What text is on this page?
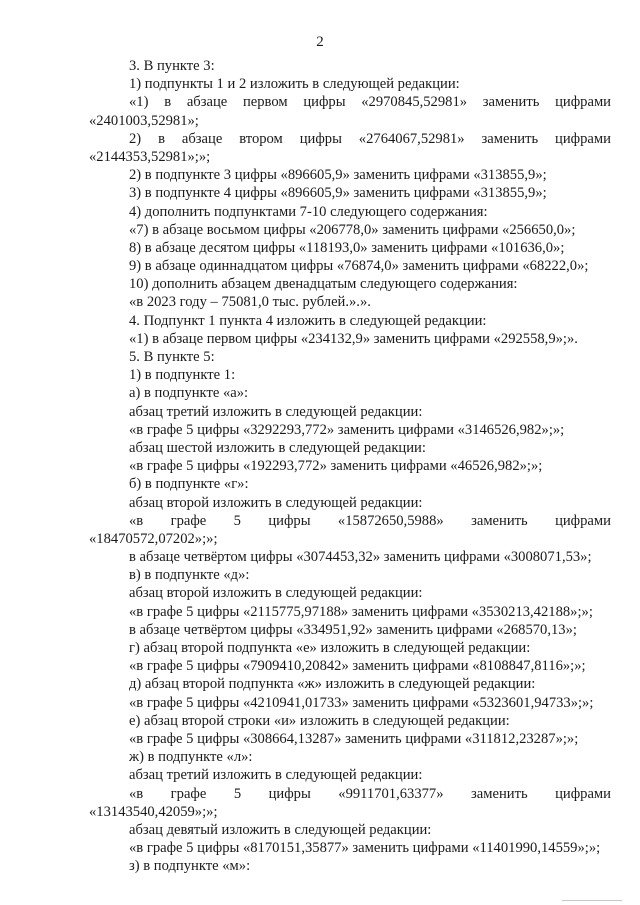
2
3. В пункте 3:
1) подпункты 1 и 2 изложить в следующей редакции:
«1) в абзаце первом цифры «2970845,52981» заменить цифрами
«2401003,52981»;
2) в абзаце втором цифры «2764067,52981» заменить цифрами
«2144353,52981»;»;
2) в подпункте 3 цифры «896605,9» заменить цифрами «313855,9»;
3) в подпункте 4 цифры «896605,9» заменить цифрами «313855,9»;
4) дополнить подпунктами 7-10 следующего содержания:
«7) в абзаце восьмом цифры «206778,0» заменить цифрами «256650,0»;
8) в абзаце десятом цифры «118193,0» заменить цифрами «101636,0»;
9) в абзаце одиннадцатом цифры «76874,0» заменить цифрами «68222,0»;
10) дополнить абзацем двенадцатым следующего содержания:
«в 2023 году – 75081,0 тыс. рублей.».».
4. Подпункт 1 пункта 4 изложить в следующей редакции:
«1) в абзаце первом цифры «234132,9» заменить цифрами «292558,9»;».
5. В пункте 5:
1) в подпункте 1:
а) в подпункте «а»:
абзац третий изложить в следующей редакции:
«в графе 5 цифры «3292293,772» заменить цифрами «3146526,982»;»;
абзац шестой изложить в следующей редакции:
«в графе 5 цифры «192293,772» заменить цифрами «46526,982»;»;
б) в подпункте «г»:
абзац второй изложить в следующей редакции:
«в графе 5 цифры «15872650,5988» заменить цифрами
«18470572,07202»;»;
в абзаце четвёртом цифры «3074453,32» заменить цифрами «3008071,53»;
в) в подпункте «д»:
абзац второй изложить в следующей редакции:
«в графе 5 цифры «2115775,97188» заменить цифрами «3530213,42188»;»;
в абзаце четвёртом цифры «334951,92» заменить цифрами «268570,13»;
г) абзац второй подпункта «е» изложить в следующей редакции:
«в графе 5 цифры «7909410,20842» заменить цифрами «8108847,8116»;»;
д) абзац второй подпункта «ж» изложить в следующей редакции:
«в графе 5 цифры «4210941,01733» заменить цифрами «5323601,94733»;»;
е) абзац второй строки «и» изложить в следующей редакции:
«в графе 5 цифры «308664,13287» заменить цифрами «311812,23287»;»;
ж) в подпункте «л»:
абзац третий изложить в следующей редакции:
«в графе 5 цифры «9911701,63377» заменить цифрами
«13143540,42059»;»;
абзац девятый изложить в следующей редакции:
«в графе 5 цифры «8170151,35877» заменить цифрами «11401990,14559»;»;
з) в подпункте «м»:
